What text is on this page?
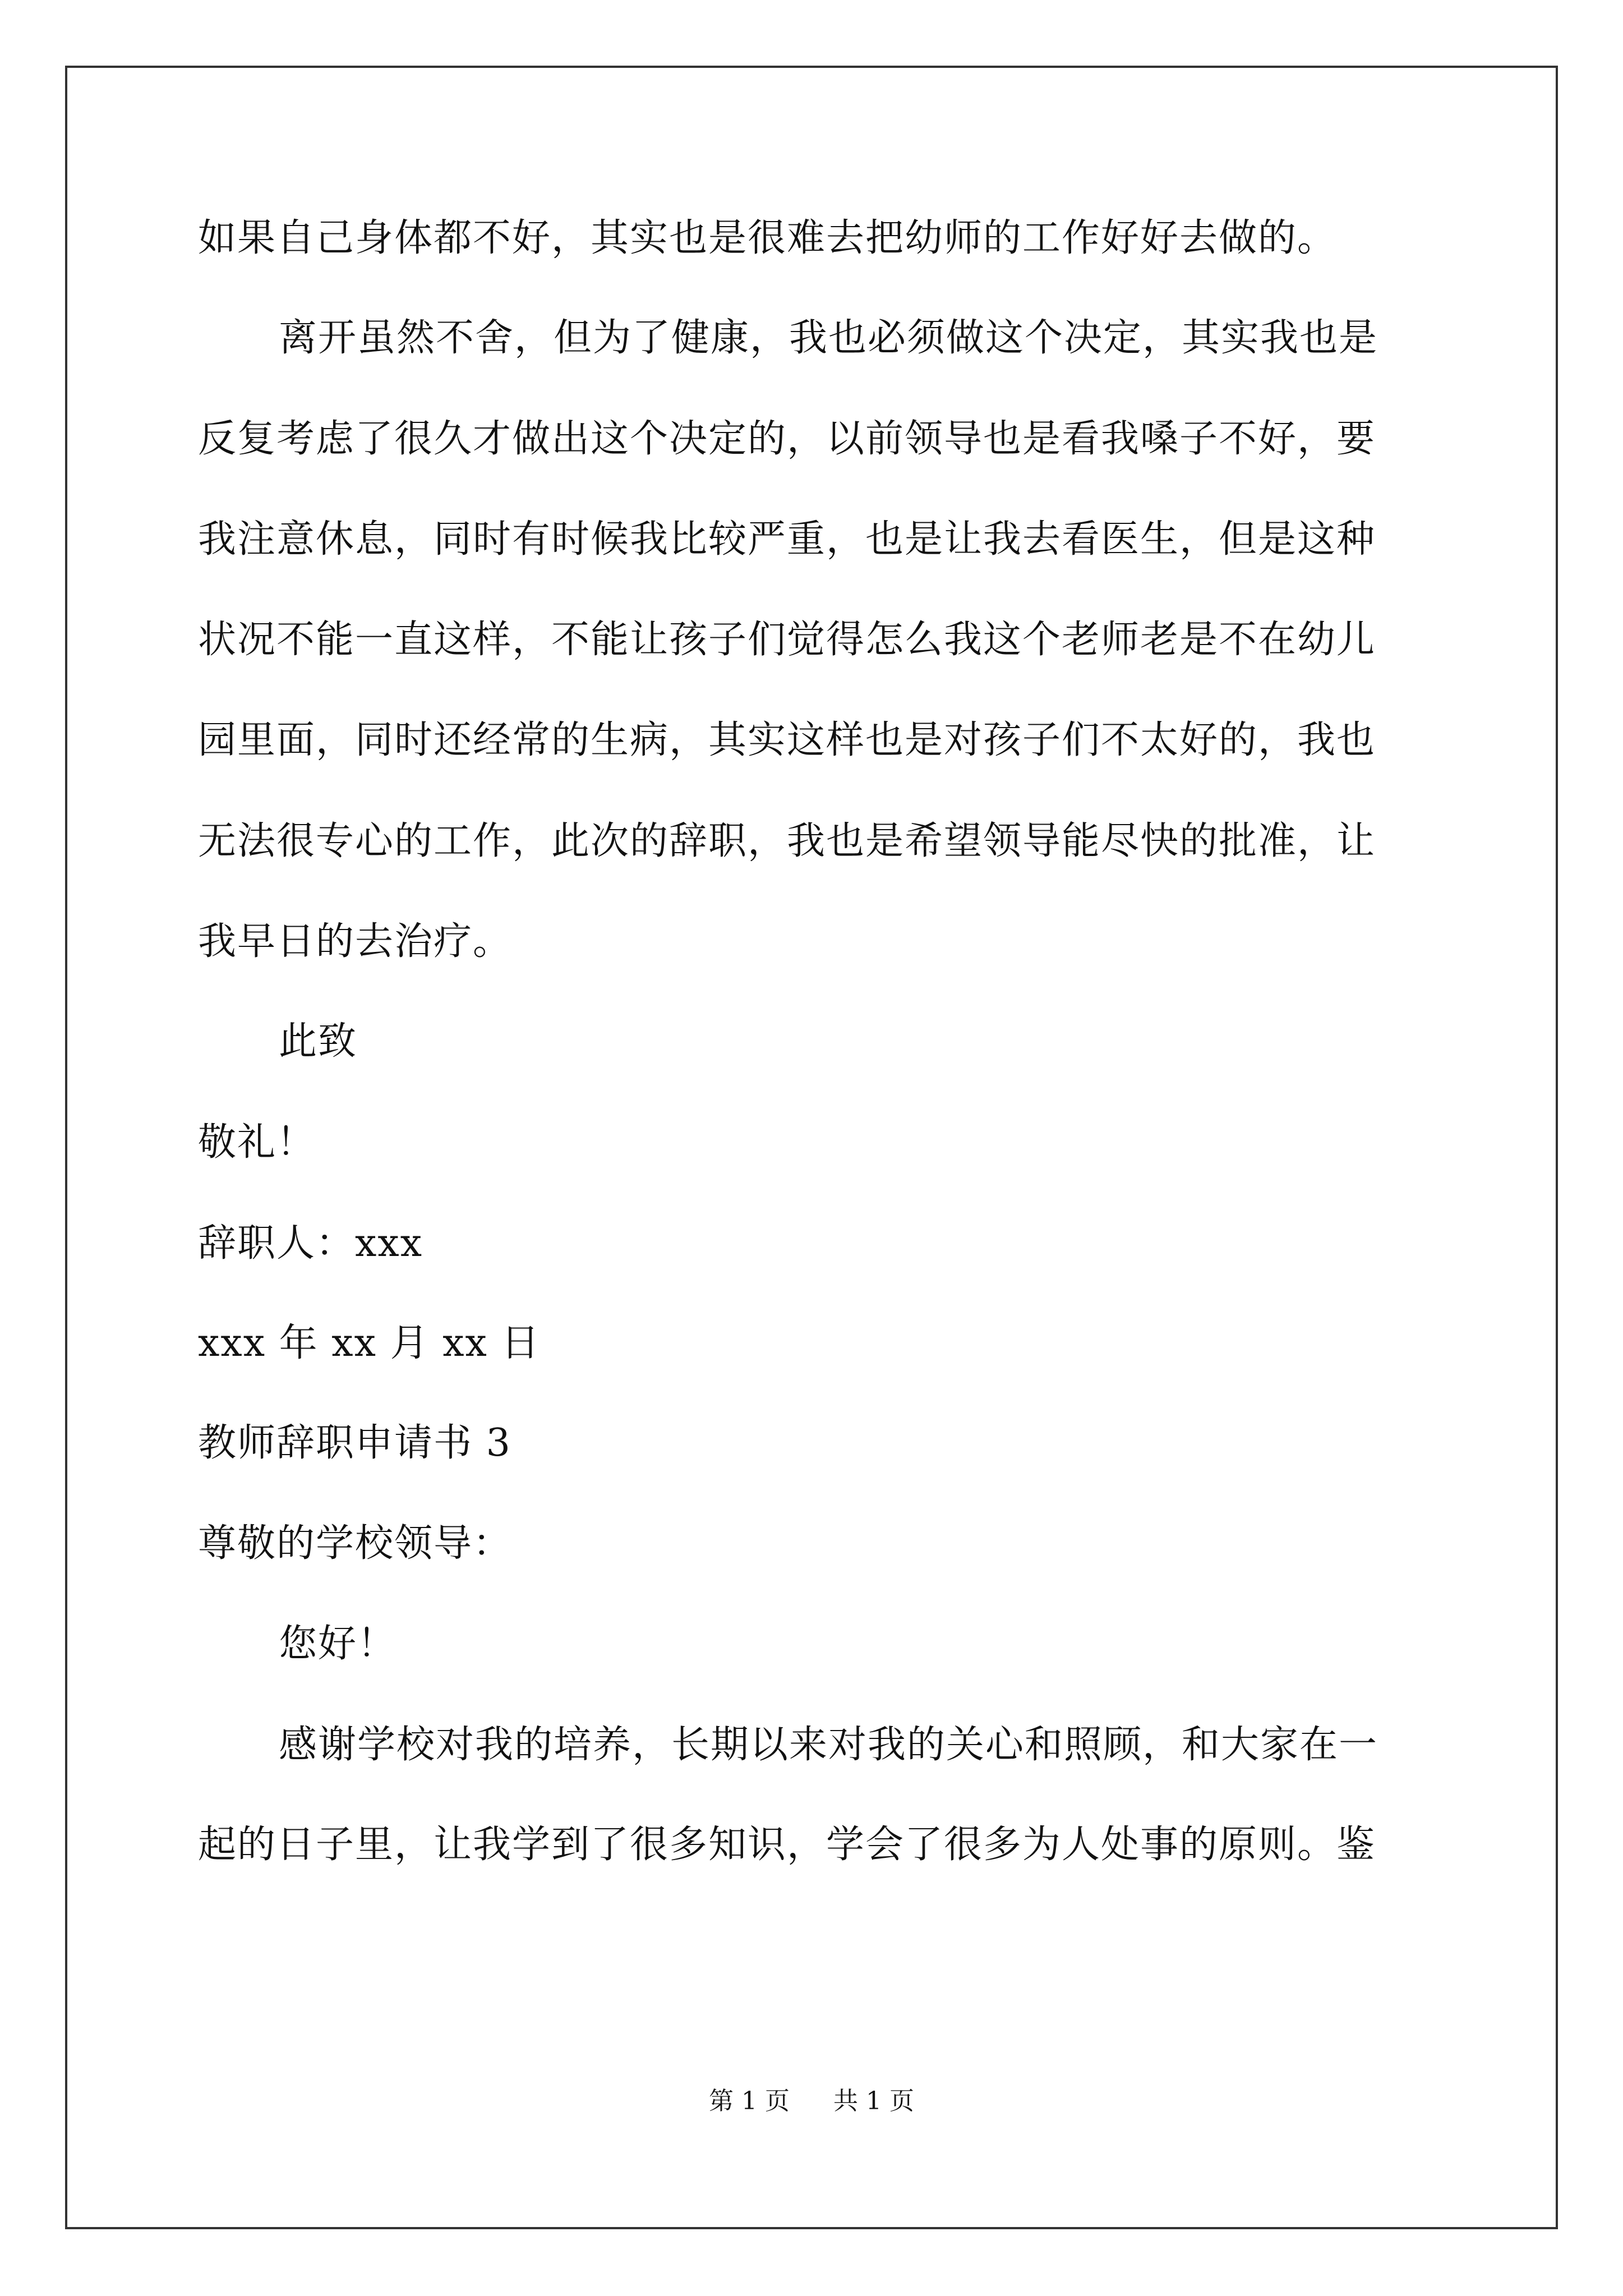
如果自己身体都不好，其实也是很难去把幼师的工作好好去做的。
离开虽然不舍，但为了健康，我也必须做这个决定，其实我也是
反复考虑了很久才做出这个决定的，以前领导也是看我嗓子不好，要
我注意休息，同时有时候我比较严重，也是让我去看医生，但是这种
状况不能一直这样，不能让孩子们觉得怎么我这个老师老是不在幼儿
园里面，同时还经常的生病，其实这样也是对孩子们不太好的，我也
无法很专心的工作，此次的辞职，我也是希望领导能尽快的批准，让
我早日的去治疗。
此致
敬礼！
辞职人：xxx
xxx 年 xx 月 xx 日
教师辞职申请书 3
尊敬的学校领导：
您好！
感谢学校对我的培养，长期以来对我的关心和照顾，和大家在一
起的日子里，让我学到了很多知识，学会了很多为人处事的原则。鉴
第 1 页 共 1 页
